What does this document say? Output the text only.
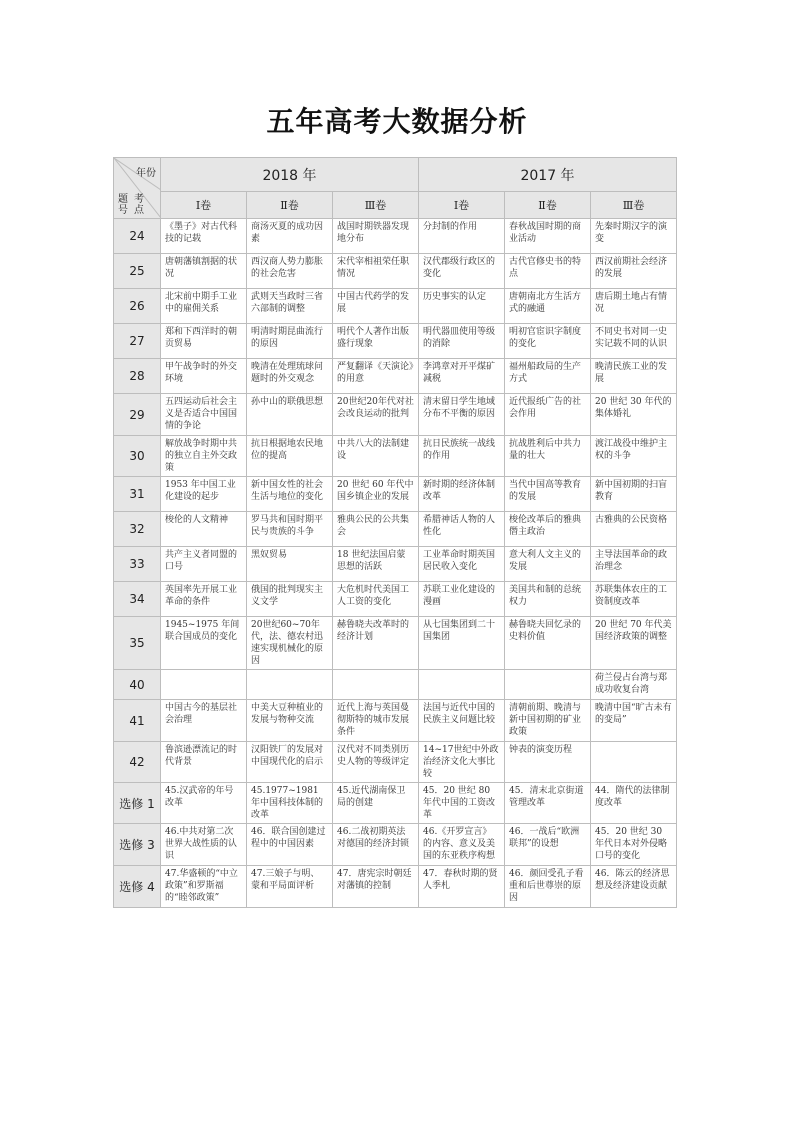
五年高考大数据分析
年份
题
号
考
点	2018 年			2017 年		
	Ⅰ卷	Ⅱ卷	Ⅲ卷	Ⅰ卷	Ⅱ卷	Ⅲ卷
24	《墨子》对古代科技的记载	商汤灭夏的成功因素	战国时期铁器发现地分布	分封制的作用	春秋战国时期的商业活动	先秦时期汉字的演变
25	唐朝藩镇割据的状况	西汉商人势力膨胀的社会危害	宋代宰相祖荣任职情况	汉代郡级行政区的变化	古代官修史书的特点	西汉前期社会经济的发展
26	北宋前中期手工业中的雇佣关系	武则天当政时三省六部制的调整	中国古代药学的发展	历史事实的认定	唐朝南北方生活方式的融通	唐后期土地占有情况
27	郑和下西洋时的朝贡贸易	明清时期昆曲流行的原因	明代个人著作出版盛行现象	明代器皿使用等级的消除	明初官宦识字制度的变化	不同史书对同一史实记载不同的认识
28	甲午战争时的外交环境	晚清在处理琉球问题时的外交观念	严复翻译《天演论》的用意	李鸿章对开平煤矿减税	福州船政局的生产方式	晚清民族工业的发展
29	五四运动后社会主义是否适合中国国情的争论	孙中山的联俄思想	20世纪20年代对社会改良运动的批判	清末留日学生地域分布不平衡的原因	近代报纸广告的社会作用	20 世纪 30 年代的集体婚礼
30	解放战争时期中共的独立自主外交政策	抗日根据地农民地位的提高	中共八大的法制建设	抗日民族统一战线的作用	抗战胜利后中共力量的壮大	渡江战役中维护主权的斗争
31	1953 年中国工业化建设的起步	新中国女性的社会生活与地位的变化	20 世纪 60 年代中国乡镇企业的发展	新时期的经济体制改革	当代中国高等教育的发展	新中国初期的扫盲教育
32	梭伦的人文精神	罗马共和国时期平民与贵族的斗争	雅典公民的公共集会	希腊神话人物的人性化	梭伦改革后的雅典僭主政治	古雅典的公民资格
33	共产主义者同盟的口号	黑奴贸易	18 世纪法国启蒙思想的活跃	工业革命时期英国居民收入变化	意大利人文主义的发展	主导法国革命的政治理念
34	英国率先开展工业革命的条件	俄国的批判现实主义文学	大危机时代美国工人工资的变化	苏联工业化建设的漫画	美国共和制的总统权力	苏联集体农庄的工资制度改革
35	1945~1975 年间联合国成员的变化	20世纪60~70年代，法、德农村迅速实现机械化的原因	赫鲁晓夫改革时的经济计划	从七国集团到二十国集团	赫鲁晓夫回忆录的史料价值	20 世纪 70 年代美国经济政策的调整
40						荷兰侵占台湾与郑成功收复台湾
41	中国古今的基层社会治理	中美大豆种植业的发展与物种交流	近代上海与英国曼彻斯特的城市发展条件	法国与近代中国的民族主义问题比较	清朝前期、晚清与新中国初期的矿业政策	晚清中国“旷古未有的变局”
42	鲁滨逊漂流记的时代背景	汉阳铁厂的发展对中国现代化的启示	汉代对不同类别历史人物的等级评定	14~17世纪中外政治经济文化大事比较	钟表的演变历程	
选修 1	45.汉武帝的年号改革	45.1977~1981 年中国科技体制的改革	45.近代湖南保卫局的创建	45．20 世纪 80 年代中国的工资改革	45．清末北京街道管理改革	44．隋代的法律制度改革
选修 3	46.中共对第二次世界大战性质的认识	46．联合国创建过程中的中国因素	46.二战初期英法对德国的经济封锁	46.《开罗宣言》的内容、意义及美国的东亚秩序构想	46．一战后“欧洲联邦”的设想	45．20 世纪 30 年代日本对外侵略口号的变化
选修 4	47.华盛顿的“中立政策”和罗斯福的“睦邻政策”	47.三娘子与明、蒙和平局面评析	47．唐宪宗时朝廷对藩镇的控制	47．春秋时期的贤人季札	46．颜回受孔子看重和后世尊崇的原因	46．陈云的经济思想及经济建设贡献
